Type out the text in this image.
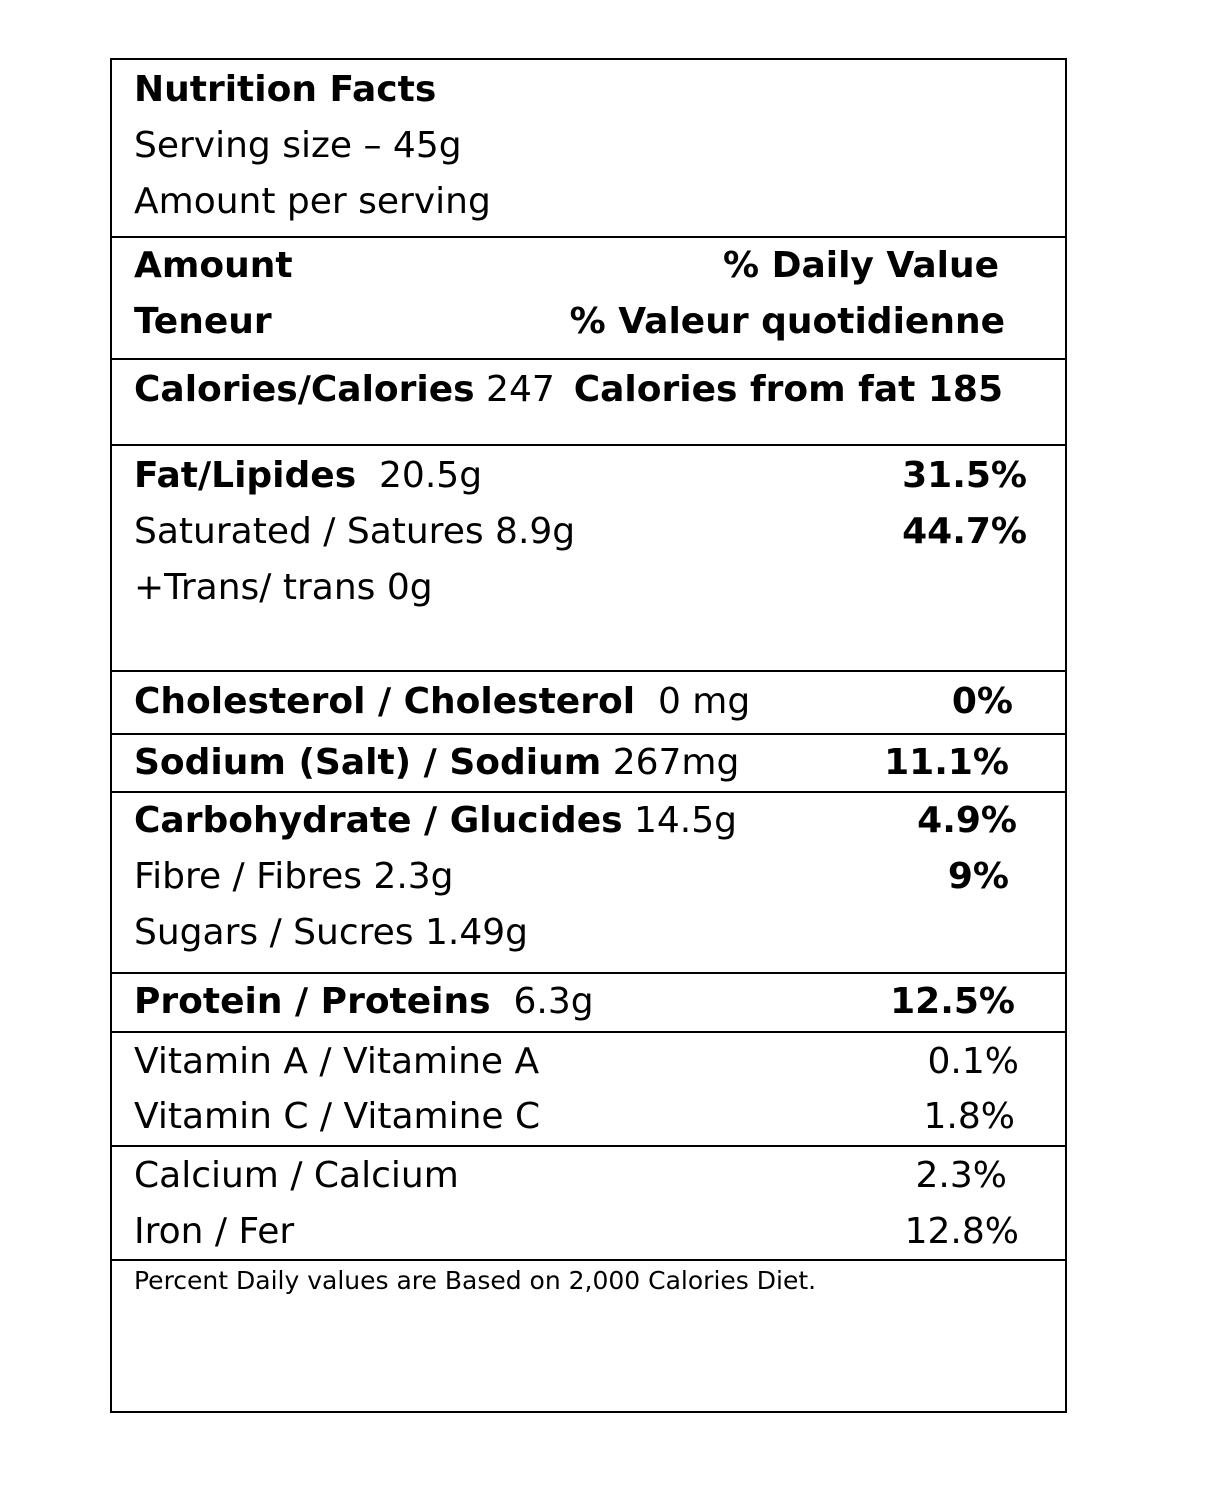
Nutrition Facts
Serving size – 45g
Amount per serving
Amount	% Daily Value
Teneur	% Valeur quotidienne
Calories/Calories 247 Calories from fat 185
Fat/Lipides 20.5g	31.5%
Saturated / Satures 8.9g	44.7%
+Trans/ trans 0g
Cholesterol / Cholesterol 0 mg	0%
Sodium (Salt) / Sodium 267mg	11.1%
Carbohydrate / Glucides 14.5g	4.9%
Fibre / Fibres 2.3g	9%
Sugars / Sucres 1.49g
Protein / Proteins 6.3g	12.5%
Vitamin A / Vitamine A	0.1%
Vitamin C / Vitamine C	1.8%
Calcium / Calcium	2.3%
Iron / Fer	12.8%
Percent Daily values are Based on 2,000 Calories Diet.
